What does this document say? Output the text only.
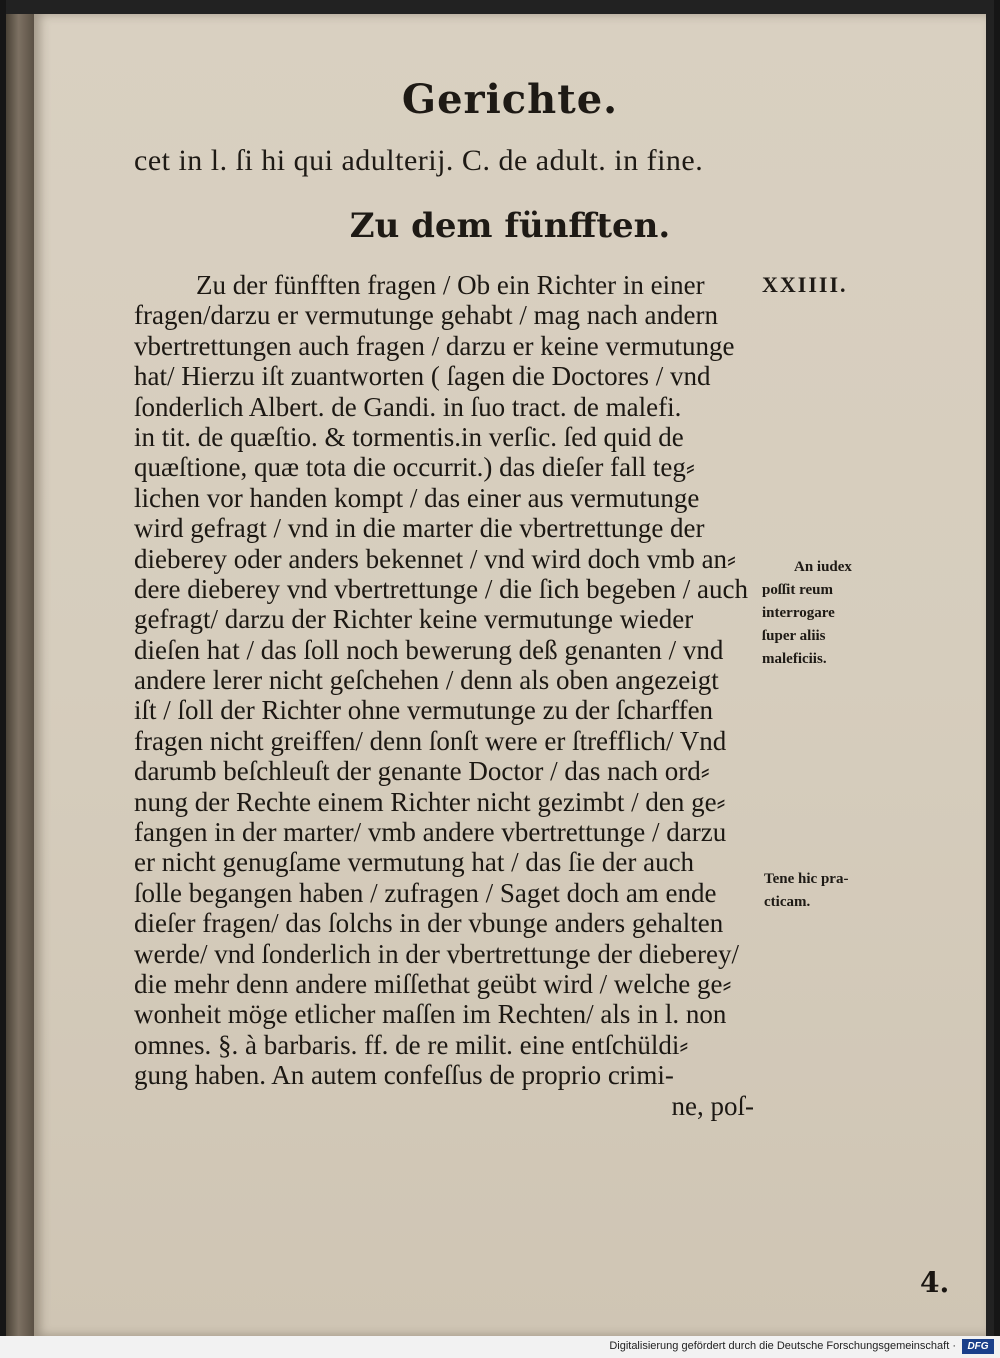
Gerichte.
cet in l. ſi hi qui adulterij. C. de adult. in fine.
Zu dem fünfften.
Zu der fünfften fragen / Ob ein Richter in einer
fragen/darzu er vermutunge gehabt / mag nach andern
vbertrettungen auch fragen / darzu er keine vermutunge
hat/ Hierzu iſt zuantworten ( ſagen die Doctores / vnd
ſonderlich Albert. de Gandi. in ſuo tract. de malefi.
in tit. de quæſtio. & tormentis.in verſic. ſed quid de
quæſtione, quæ tota die occurrit.) das dieſer fall teg⸗
lichen vor handen kompt / das einer aus vermutunge
wird gefragt / vnd in die marter die vbertrettunge der
dieberey oder anders bekennet / vnd wird doch vmb an⸗
dere dieberey vnd vbertrettunge / die ſich begeben / auch
gefragt/ darzu der Richter keine vermutunge wieder
dieſen hat / das ſoll noch bewerung deß genanten / vnd
andere lerer nicht geſchehen / denn als oben angezeigt
iſt / ſoll der Richter ohne vermutunge zu der ſcharffen
fragen nicht greiffen/ denn ſonſt were er ſtrefflich/ Vnd
darumb beſchleuſt der genante Doctor / das nach ord⸗
nung der Rechte einem Richter nicht gezimbt / den ge⸗
fangen in der marter/ vmb andere vbertrettunge / darzu
er nicht genugſame vermutung hat / das ſie der auch
ſolle begangen haben / zufragen / Saget doch am ende
dieſer fragen/ das ſolchs in der vbunge anders gehalten
werde/ vnd ſonderlich in der vbertrettunge der dieberey/
die mehr denn andere miſſethat geübt wird / welche ge⸗
wonheit möge etlicher maſſen im Rechten/ als in l. non
omnes. §. à barbaris. ff. de re milit. eine entſchüldi⸗
gung haben. An autem confeſſus de proprio crimi-
ne, poſ-
XXIIII.
An iudex
poſſit reum
interrogare
ſuper aliis
maleficiis.
Tene hic pra-
cticam.
4.
Digitalisierung gefördert durch die Deutsche Forschungsgemeinschaft ·	DFG
